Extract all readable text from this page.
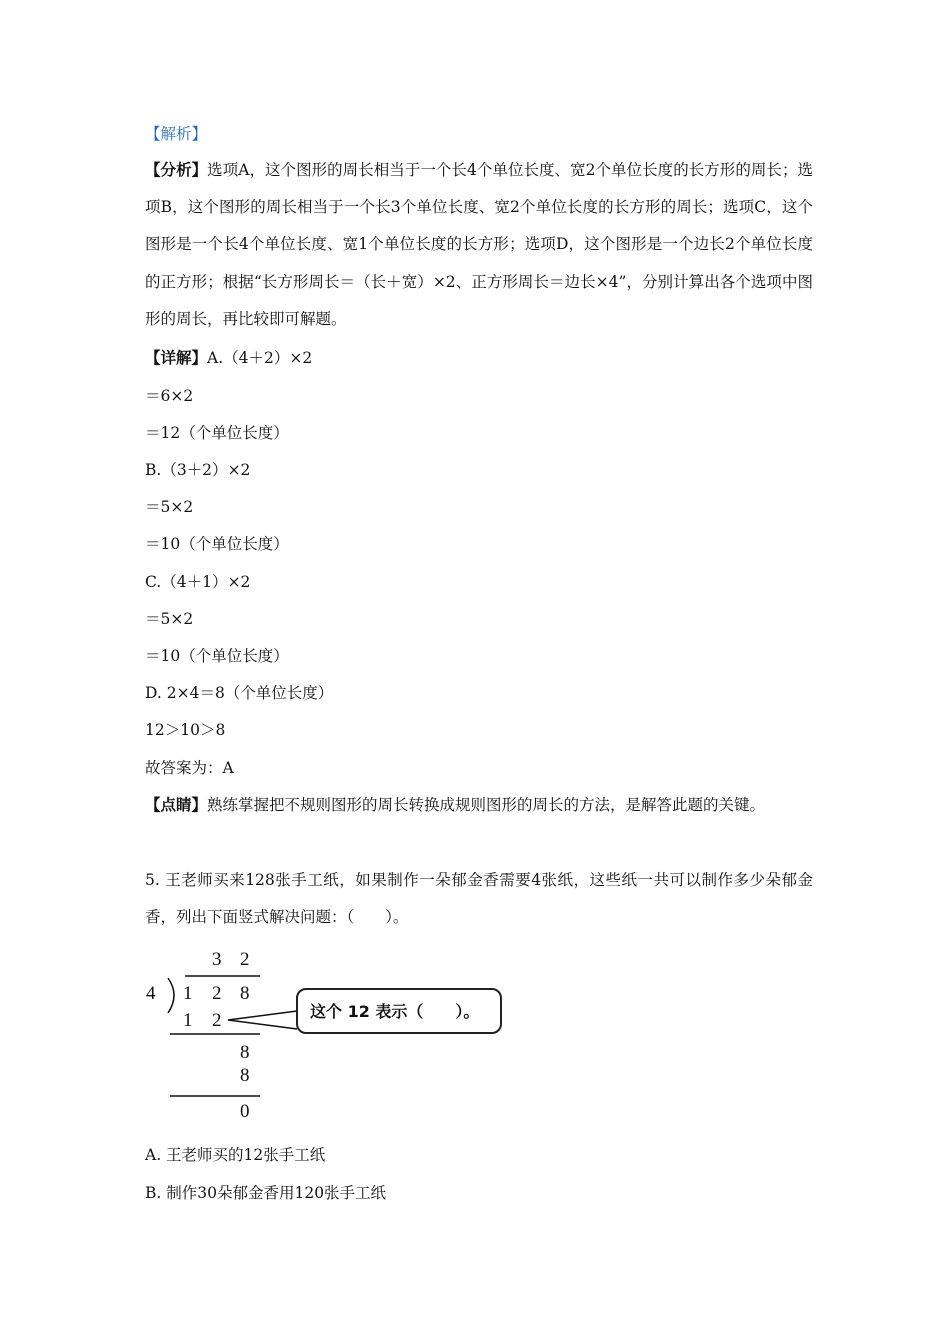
【解析】
【分析】选项A，这个图形的周长相当于一个长4个单位长度、宽2个单位长度的长方形的周长；选项B，这个图形的周长相当于一个长3个单位长度、宽2个单位长度的长方形的周长；选项C，这个图形是一个长4个单位长度、宽1个单位长度的长方形；选项D，这个图形是一个边长2个单位长度的正方形；根据“长方形周长＝（长＋宽）×2、正方形周长＝边长×4”，分别计算出各个选项中图形的周长，再比较即可解题。
【详解】A.（4＋2）×2
＝6×2
＝12（个单位长度）
B.（3＋2）×2
＝5×2
＝10（个单位长度）
C.（4＋1）×2
＝5×2
＝10（个单位长度）
D. 2×4＝8（个单位长度）
12＞10＞8
故答案为：A
【点睛】熟练掌握把不规则图形的周长转换成规则图形的周长的方法，是解答此题的关键。
5. 王老师买来128张手工纸，如果制作一朵郁金香需要4张纸，这些纸一共可以制作多少朵郁金香，列出下面竖式解决问题：（　　）。
3 2
4 1 2 8
1 2
8
8
0
这个 12 表示（　　）。
A. 王老师买的12张手工纸
B. 制作30朵郁金香用120张手工纸
